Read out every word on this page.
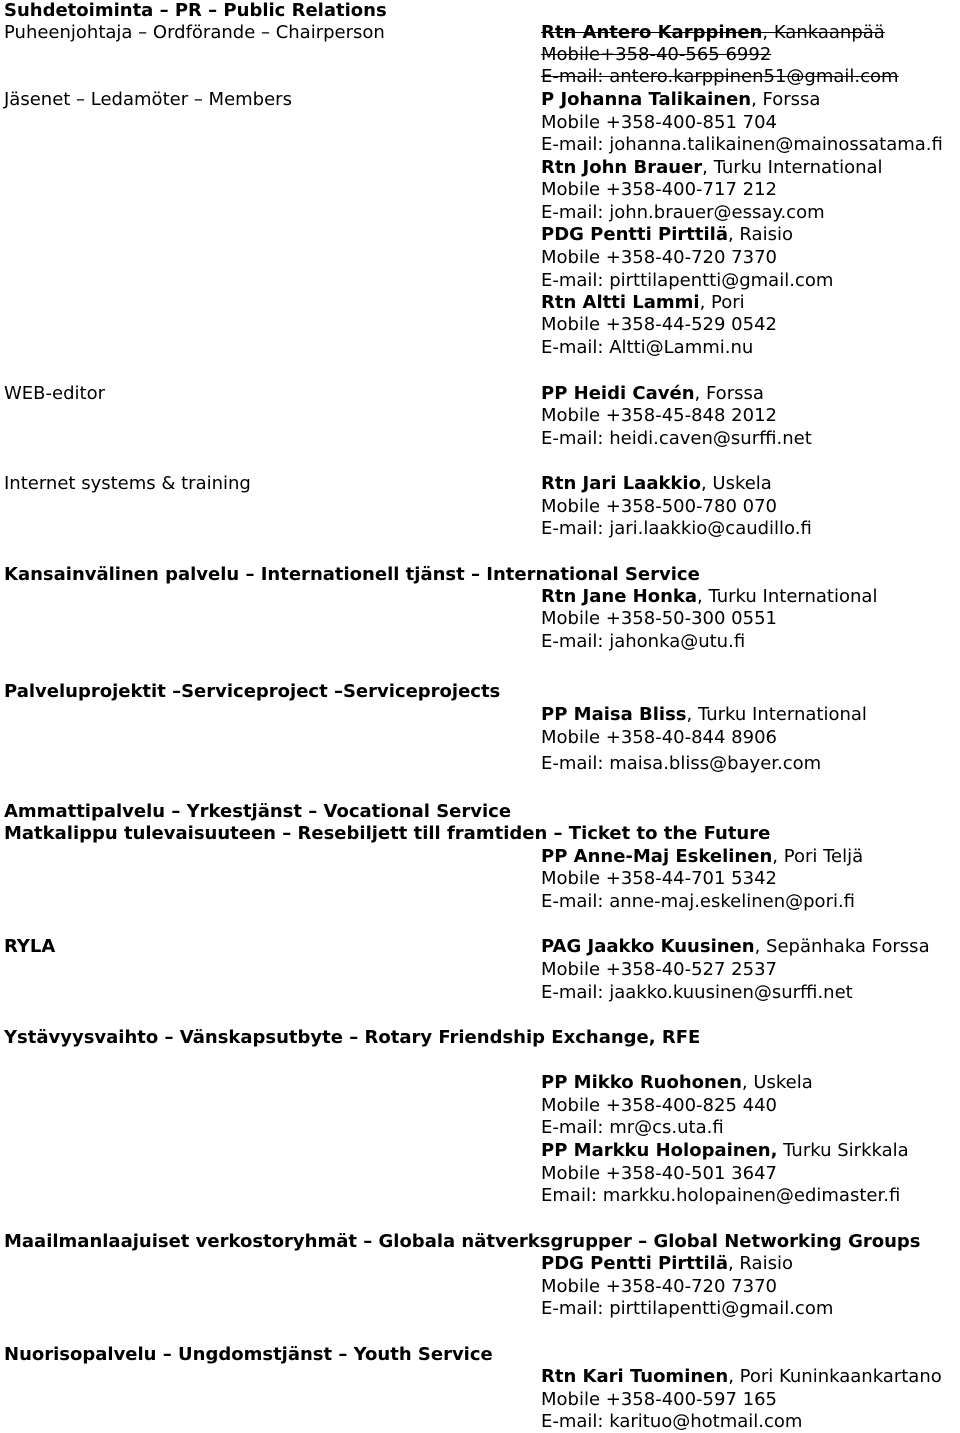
Suhdetoiminta – PR – Public Relations
Puheenjohtaja – Ordförande – Chairperson	Rtn Antero Karppinen, Kankaanpää
Mobile+358-40-565 6992
E-mail: antero.karppinen51@gmail.com
Jäsenet – Ledamöter – Members	P Johanna Talikainen, Forssa
Mobile +358-400-851 704
E-mail: johanna.talikainen@mainossatama.fi
Rtn John Brauer, Turku International
Mobile +358-400-717 212
E-mail: john.brauer@essay.com
PDG Pentti Pirttilä, Raisio
Mobile +358-40-720 7370
E-mail: pirttilapentti@gmail.com
Rtn Altti Lammi, Pori
Mobile +358-44-529 0542
E-mail: Altti@Lammi.nu
WEB-editor	PP Heidi Cavén, Forssa
Mobile +358-45-848 2012
E-mail: heidi.caven@surffi.net
Internet systems & training	Rtn Jari Laakkio, Uskela
Mobile +358-500-780 070
E-mail: jari.laakkio@caudillo.fi
Kansainvälinen palvelu – Internationell tjänst – International Service
Rtn Jane Honka, Turku International
Mobile +358-50-300 0551
E-mail: jahonka@utu.fi
Palveluprojektit –Serviceproject –Serviceprojects
PP Maisa Bliss, Turku International
Mobile +358-40-844 8906
E-mail: maisa.bliss@bayer.com
Ammattipalvelu – Yrkestjänst – Vocational Service
Matkalippu tulevaisuuteen – Resebiljett till framtiden – Ticket to the Future
PP Anne-Maj Eskelinen, Pori Teljä
Mobile +358-44-701 5342
E-mail: anne-maj.eskelinen@pori.fi
RYLA	PAG Jaakko Kuusinen, Sepänhaka Forssa
Mobile +358-40-527 2537
E-mail: jaakko.kuusinen@surffi.net
Ystävyysvaihto – Vänskapsutbyte – Rotary Friendship Exchange, RFE
PP Mikko Ruohonen, Uskela
Mobile +358-400-825 440
E-mail: mr@cs.uta.fi
PP Markku Holopainen, Turku Sirkkala
Mobile +358-40-501 3647
Email: markku.holopainen@edimaster.fi
Maailmanlaajuiset verkostoryhmät – Globala nätverksgrupper – Global Networking Groups
PDG Pentti Pirttilä, Raisio
Mobile +358-40-720 7370
E-mail: pirttilapentti@gmail.com
Nuorisopalvelu – Ungdomstjänst – Youth Service
Rtn Kari Tuominen, Pori Kuninkaankartano
Mobile +358-400-597 165
E-mail: karituo@hotmail.com
